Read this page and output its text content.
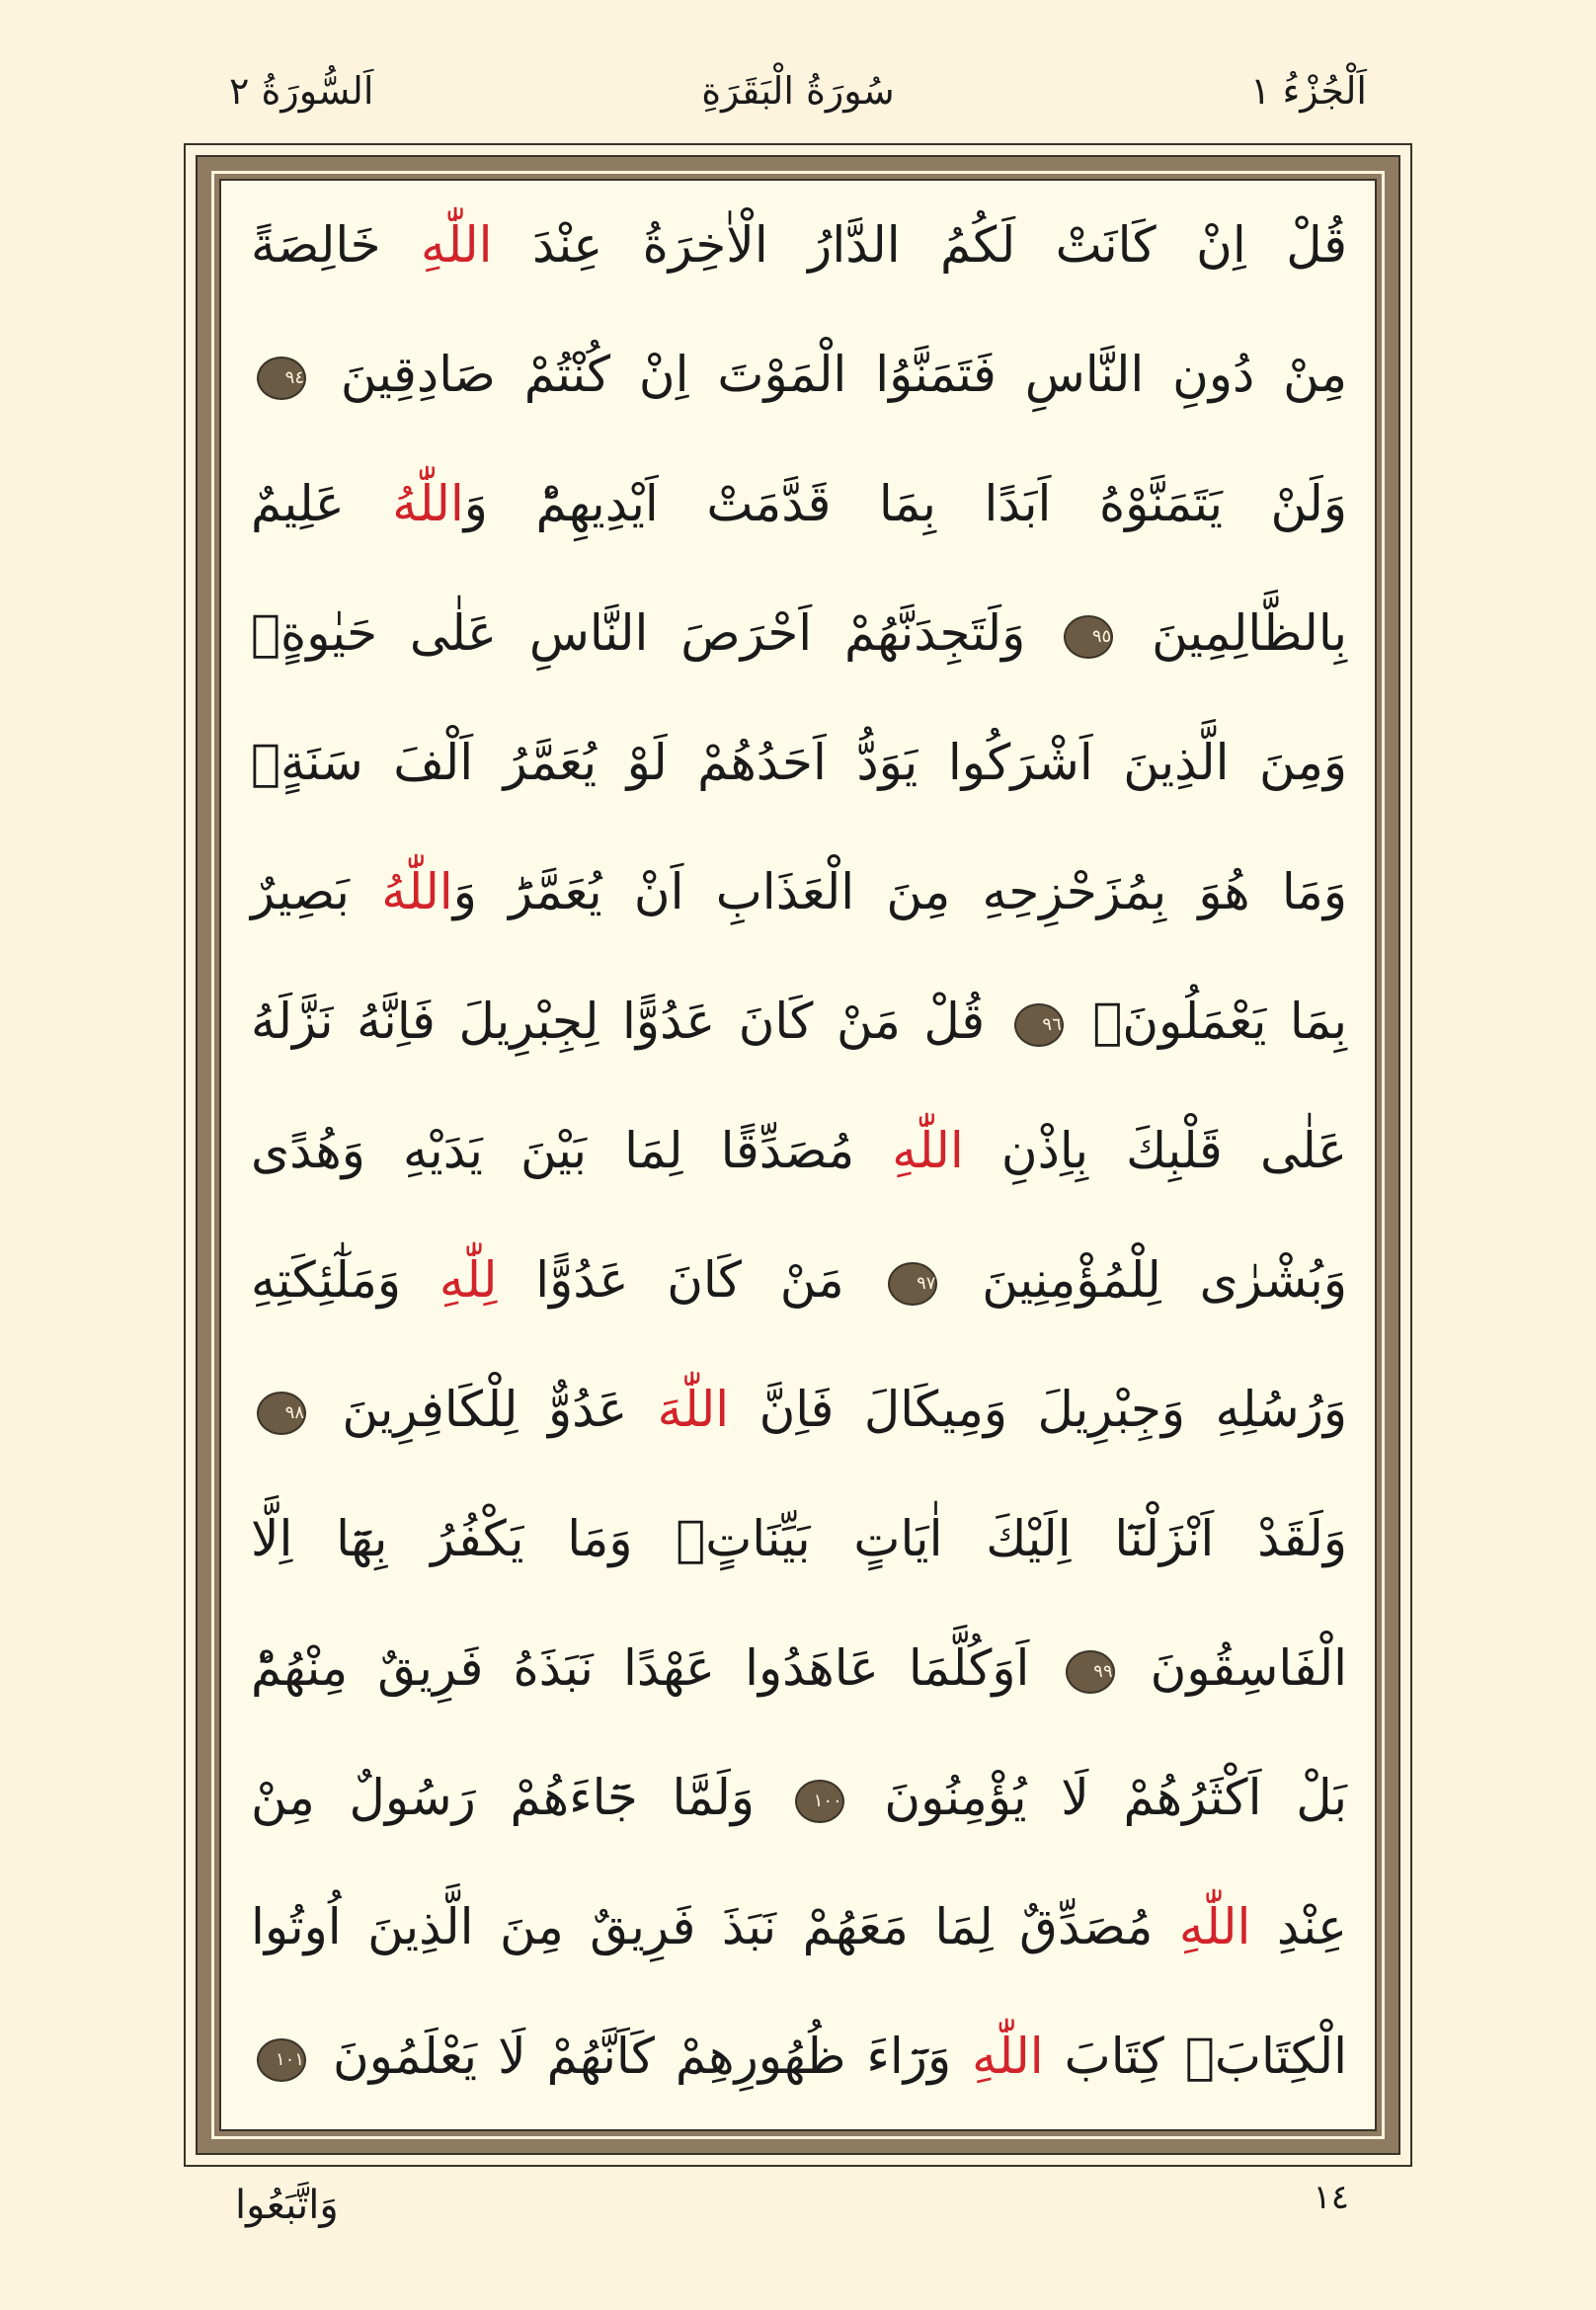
اَلْجُزْءُ ١
سُورَةُ الْبَقَرَةِ
اَلسُّورَةُ ٢
قُلْ اِنْ كَانَتْ لَكُمُ الدَّارُ الْاٰخِرَةُ عِنْدَ اللّٰهِ خَالِصَةً
مِنْ دُونِ النَّاسِ فَتَمَنَّوُا الْمَوْتَ اِنْ كُنْتُمْ صَادِقِينَ ٩٤
وَلَنْ يَتَمَنَّوْهُ اَبَدًا بِمَا قَدَّمَتْ اَيْدِيهِمْؕ وَاللّٰهُ عَلِيمٌ
بِالظَّالِمِينَ ٩٥ وَلَتَجِدَنَّهُمْ اَحْرَصَ النَّاسِ عَلٰى حَيٰوةٍۚ
وَمِنَ الَّذِينَ اَشْرَكُوا يَوَدُّ اَحَدُهُمْ لَوْ يُعَمَّرُ اَلْفَ سَنَةٍۚ
وَمَا هُوَ بِمُزَحْزِحِهِ مِنَ الْعَذَابِ اَنْ يُعَمَّرَؕ وَاللّٰهُ بَصِيرٌ
بِمَا يَعْمَلُونَ۟ ٩٦ قُلْ مَنْ كَانَ عَدُوًّا لِجِبْرِيلَ فَاِنَّهُ نَزَّلَهُ
عَلٰى قَلْبِكَ بِاِذْنِ اللّٰهِ مُصَدِّقًا لِمَا بَيْنَ يَدَيْهِ وَهُدًى
وَبُشْرٰى لِلْمُؤْمِنِينَ ٩٧ مَنْ كَانَ عَدُوًّا لِلّٰهِ وَمَلٰٓئِكَتِهِ
وَرُسُلِهِ وَجِبْرِيلَ وَمِيكَالَ فَاِنَّ اللّٰهَ عَدُوٌّ لِلْكَافِرِينَ ٩٨
وَلَقَدْ اَنْزَلْنَٓا اِلَيْكَ اٰيَاتٍ بَيِّنَاتٍۚ وَمَا يَكْفُرُ بِهَٓا اِلَّا
الْفَاسِقُونَ ٩٩ اَوَكُلَّمَا عَاهَدُوا عَهْدًا نَبَذَهُ فَرِيقٌ مِنْهُمْؕ
بَلْ اَكْثَرُهُمْ لَا يُؤْمِنُونَ ١٠٠ وَلَمَّا جَٓاءَهُمْ رَسُولٌ مِنْ
عِنْدِ اللّٰهِ مُصَدِّقٌ لِمَا مَعَهُمْ نَبَذَ فَرِيقٌ مِنَ الَّذِينَ اُوتُوا
الْكِتَابَۙ كِتَابَ اللّٰهِ وَرَٓاءَ ظُهُورِهِمْ كَاَنَّهُمْ لَا يَعْلَمُونَ ١٠١
١٤
وَاتَّبَعُوا
